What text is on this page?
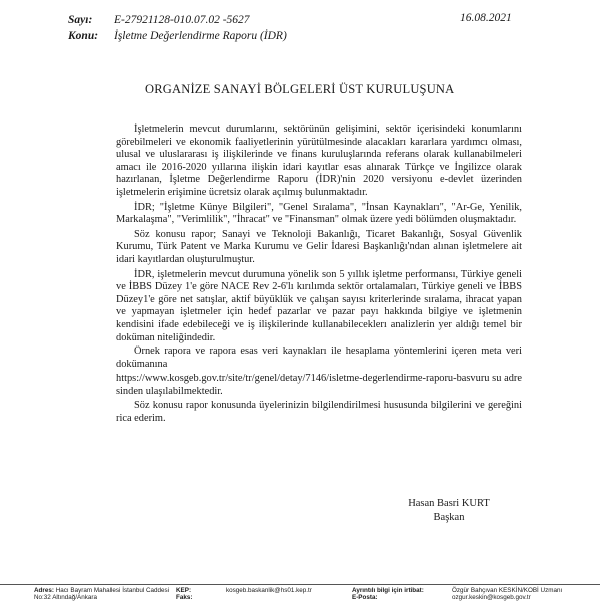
Sayı:	E-27921128-010.07.02 -5627
Konu:	İşletme Değerlendirme Raporu (İDR)
16.08.2021
ORGANİZE SANAYİ BÖLGELERİ ÜST KURULUŞUNA

İşletmelerin mevcut durumlarını, sektörünün gelişimini, sektör içerisindeki konumlarını görebilmeleri ve ekonomik faaliyetlerinin yürütülmesinde alacakları kararlara yardımcı olması, ulusal ve uluslararası iş ilişkilerinde ve finans kuruluşlarında referans olarak kullanabilmeleri amacı ile 2016-2020 yıllarına ilişkin idari kayıtlar esas alınarak Türkçe ve İngilizce olarak hazırlanan, İşletme Değerlendirme Raporu (İDR)'nin 2020 versiyonu e-devlet üzerinden işletmelerin erişimine ücretsiz olarak açılmış bulunmaktadır.

İDR; "İşletme Künye Bilgileri", "Genel Sıralama", "İnsan Kaynakları", "Ar-Ge, Yenilik, Markalaşma", "Verimlilik", "İhracat" ve "Finansman" olmak üzere yedi bölümden oluşmaktadır.

Söz konusu rapor; Sanayi ve Teknoloji Bakanlığı, Ticaret Bakanlığı, Sosyal Güvenlik Kurumu, Türk Patent ve Marka Kurumu ve Gelir İdaresi Başkanlığı'ndan alınan işletmelere ait idari kayıtlardan oluşturulmuştur.

İDR, işletmelerin mevcut durumuna yönelik son 5 yıllık işletme performansı, Türkiye geneli ve İBBS Düzey 1'e göre NACE Rev 2-6'lı kırılımda sektör ortalamaları, Türkiye geneli ve İBBS Düzey1'e göre net satışlar, aktif büyüklük ve çalışan sayısı kriterlerinde sıralama, ihracat yapan ve yapmayan işletmeler için hedef pazarlar ve pazar payı hakkında bilgiye ve işletmenin kendisini ifade edebileceği ve iş ilişkilerinde kullanabileceklerı analizlerin yer aldığı temel bir doküman niteliğindedir.

Örnek rapora ve rapora esas veri kaynakları ile hesaplama yöntemlerini içeren meta veri dokümanına

https://www.kosgeb.gov.tr/site/tr/genel/detay/7146/isletme-degerlendirme-raporu-basvuru su adresinden ulaşılabilmektedir.

Söz konusu rapor konusunda üyelerinizin bilgilendirilmesi hususunda bilgilerini ve gereğini rica ederim.

Hasan Basri KURT
Başkan
Adres: Hacı Bayram Mahallesi İstanbul Caddesi No:32 Altındağ/Ankara
KEP:
Faks:
kosgeb.baskanlik@hs01.kep.tr	Ayrıntılı bilgi için irtibat:
E-Posta:
Özgür Bahçıvan KESKİN/KOBİ Uzmanı
ozgur.keskin@kosgeb.gov.tr
